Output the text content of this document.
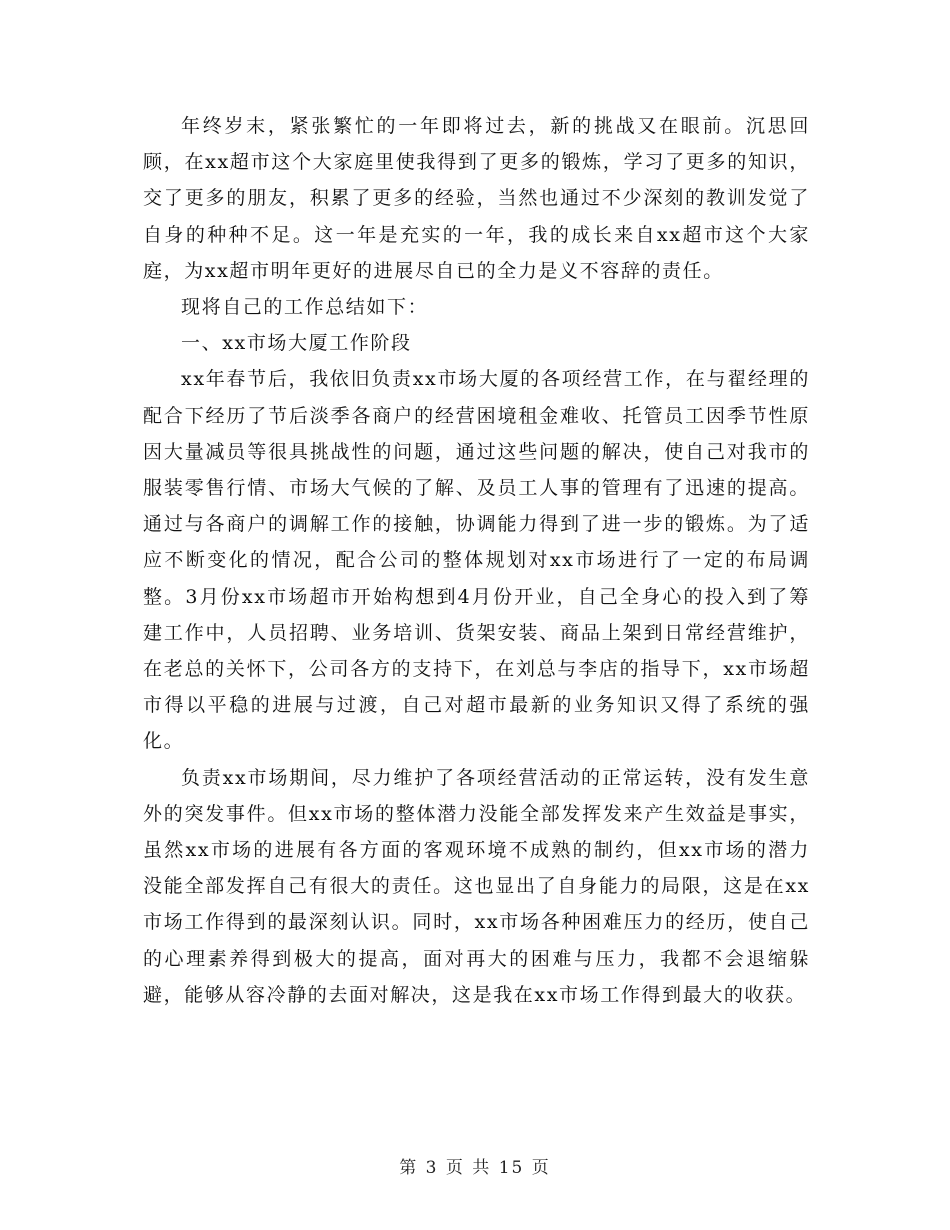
年终岁末，紧张繁忙的一年即将过去，新的挑战又在眼前。沉思回顾，在xx超市这个大家庭里使我得到了更多的锻炼，学习了更多的知识，交了更多的朋友，积累了更多的经验，当然也通过不少深刻的教训发觉了自身的种种不足。这一年是充实的一年，我的成长来自xx超市这个大家庭，为xx超市明年更好的进展尽自已的全力是义不容辞的责任。

现将自己的工作总结如下：

一、xx市场大厦工作阶段

xx年春节后，我依旧负责xx市场大厦的各项经营工作，在与翟经理的配合下经历了节后淡季各商户的经营困境租金难收、托管员工因季节性原因大量减员等很具挑战性的问题，通过这些问题的解决，使自己对我市的服装零售行情、市场大气候的了解、及员工人事的管理有了迅速的提高。通过与各商户的调解工作的接触，协调能力得到了进一步的锻炼。为了适应不断变化的情况，配合公司的整体规划对xx市场进行了一定的布局调整。3月份xx市场超市开始构想到4月份开业，自己全身心的投入到了筹建工作中，人员招聘、业务培训、货架安装、商品上架到日常经营维护，在老总的关怀下，公司各方的支持下，在刘总与李店的指导下，xx市场超市得以平稳的进展与过渡，自己对超市最新的业务知识又得了系统的强化。

负责xx市场期间，尽力维护了各项经营活动的正常运转，没有发生意外的突发事件。但xx市场的整体潜力没能全部发挥发来产生效益是事实，虽然xx市场的进展有各方面的客观环境不成熟的制约，但xx市场的潜力没能全部发挥自己有很大的责任。这也显出了自身能力的局限，这是在xx市场工作得到的最深刻认识。同时，xx市场各种困难压力的经历，使自己的心理素养得到极大的提高，面对再大的困难与压力，我都不会退缩躲避，能够从容冷静的去面对解决，这是我在xx市场工作得到最大的收获。

第 3 页 共 15 页
